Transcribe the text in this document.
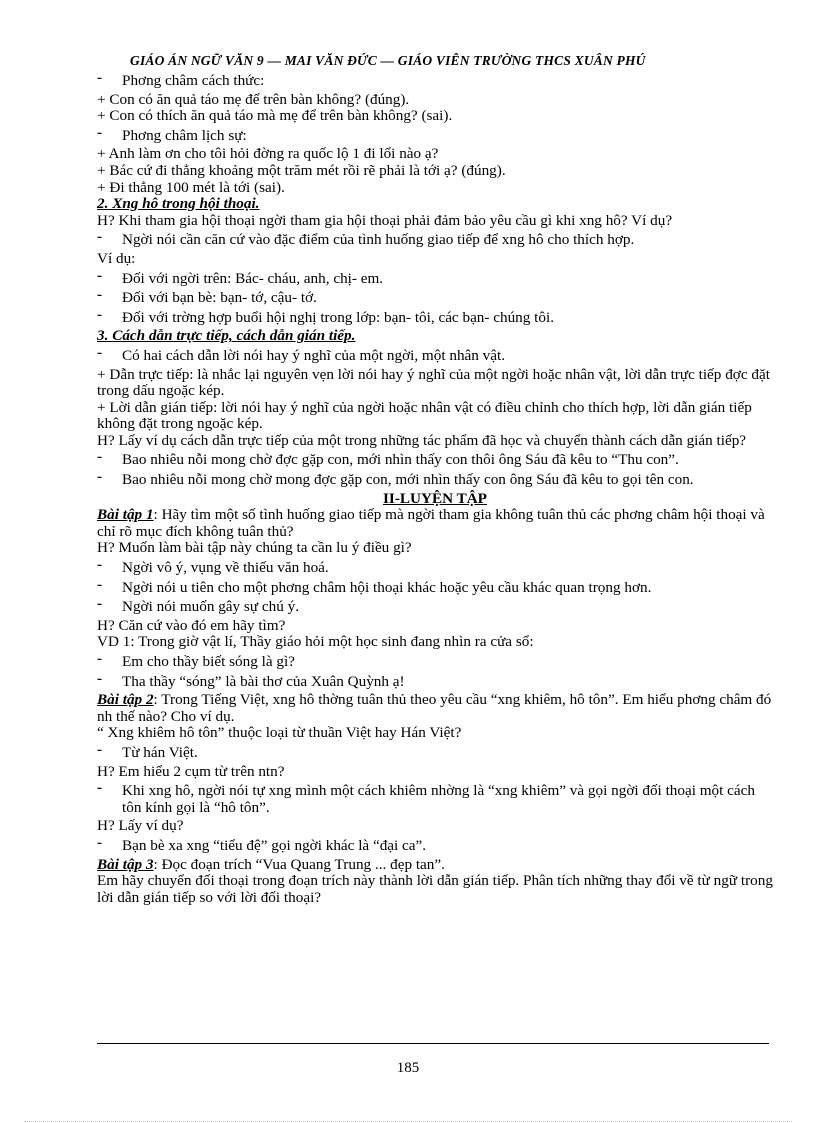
GIÁO ÁN NGỮ VĂN 9 — MAI VĂN ĐỨC — GIÁO VIÊN TRƯỜNG THCS XUÂN PHÚ
- Phơng châm cách thức:

+ Con có ăn quả táo mẹ để trên bàn không? (đúng).

+ Con có thích ăn quả táo mà mẹ để trên bàn không? (sai).

- Phơng châm lịch sự:

+ Anh làm ơn cho tôi hỏi đờng ra quốc lộ 1 đi lối nào ạ?

+ Bác cứ đi thẳng khoảng một trăm mét rồi rẽ phải là tới ạ? (đúng).

+ Đi thẳng 100 mét là tới (sai).

2. Xng hô trong hội thoại.

H? Khi tham gia hội thoại ngời tham gia hội thoại phải đảm bảo yêu cầu gì khi xng hô? Ví dụ?

- Ngời nói cần căn cứ vào đặc điểm của tình huống giao tiếp để xng hô cho thích hợp.

Ví dụ:

- Đối với ngời trên: Bác- cháu, anh, chị- em.
- Đối với bạn bè: bạn- tớ, cậu- tớ.
- Đối với trờng hợp buổi hội nghị trong lớp: bạn- tôi, các bạn- chúng tôi.

3. Cách dẫn trực tiếp, cách dẫn gián tiếp.

- Có hai cách dẫn lời nói hay ý nghĩ của một ngời, một nhân vật.

+ Dẫn trực tiếp: là nhắc lại nguyên vẹn lời nói hay ý nghĩ của một ngời hoặc nhân vật, lời dẫn trực tiếp đợc đặt trong dấu ngoặc kép.

+ Lời dẫn gián tiếp: lời nói hay ý nghĩ của ngời hoặc nhân vật có điều chỉnh cho thích hợp, lời dẫn gián tiếp không đặt trong ngoặc kép.

H? Lấy ví dụ cách dẫn trực tiếp của một trong những tác phẩm đã học và chuyển thành cách dẫn gián tiếp?

- Bao nhiêu nỗi mong chờ đợc gặp con, mới nhìn thấy con thôi ông Sáu đã kêu to “Thu con”.
- Bao nhiêu nỗi mong chờ mong đợc gặp con, mới nhìn thấy con ông Sáu đã kêu to gọi tên con.

II-LUYỆN TẬP

Bài tập 1: Hãy tìm một số tình huống giao tiếp mà ngời tham gia không tuân thủ các phơng châm hội thoại và chỉ rõ mục đích không tuân thủ?

H? Muốn làm bài tập này chúng ta cần lu ý điều gì?

- Ngời vô ý, vụng về thiếu văn hoá.
- Ngời nói u tiên cho một phơng châm hội thoại khác hoặc yêu cầu khác quan trọng hơn.
- Ngời nói muốn gây sự chú ý.

H? Căn cứ vào đó em hãy tìm?

VD 1: Trong giờ vật lí, Thầy giáo hỏi một học sinh đang nhìn ra cửa sổ:

- Em cho thầy biết sóng là gì?
- Tha thầy “sóng” là bài thơ của Xuân Quỳnh ạ!

Bài tập 2: Trong Tiếng Việt, xng hô thờng tuân thủ theo yêu cầu “xng khiêm, hô tôn”. Em hiểu phơng châm đó nh thế nào? Cho ví dụ.

“ Xng khiêm hô tôn” thuộc loại từ thuần Việt hay Hán Việt?

- Từ hán Việt.

H? Em hiểu 2 cụm từ trên ntn?

- Khi xng hô, ngời nói tự xng mình một cách khiêm nhờng là “xng khiêm” và gọi ngời đối thoại một cách tôn kính gọi là “hô tôn”.

H? Lấy ví dụ?

- Bạn bè xa xng “tiểu đệ” gọi ngời khác là “đại ca”.

Bài tập 3: Đọc đoạn trích “Vua Quang Trung ... đẹp tan”.

Em hãy chuyển đối thoại trong đoạn trích này thành lời dẫn gián tiếp. Phân tích những thay đổi về từ ngữ trong lời dẫn gián tiếp so với lời đối thoại?

185
